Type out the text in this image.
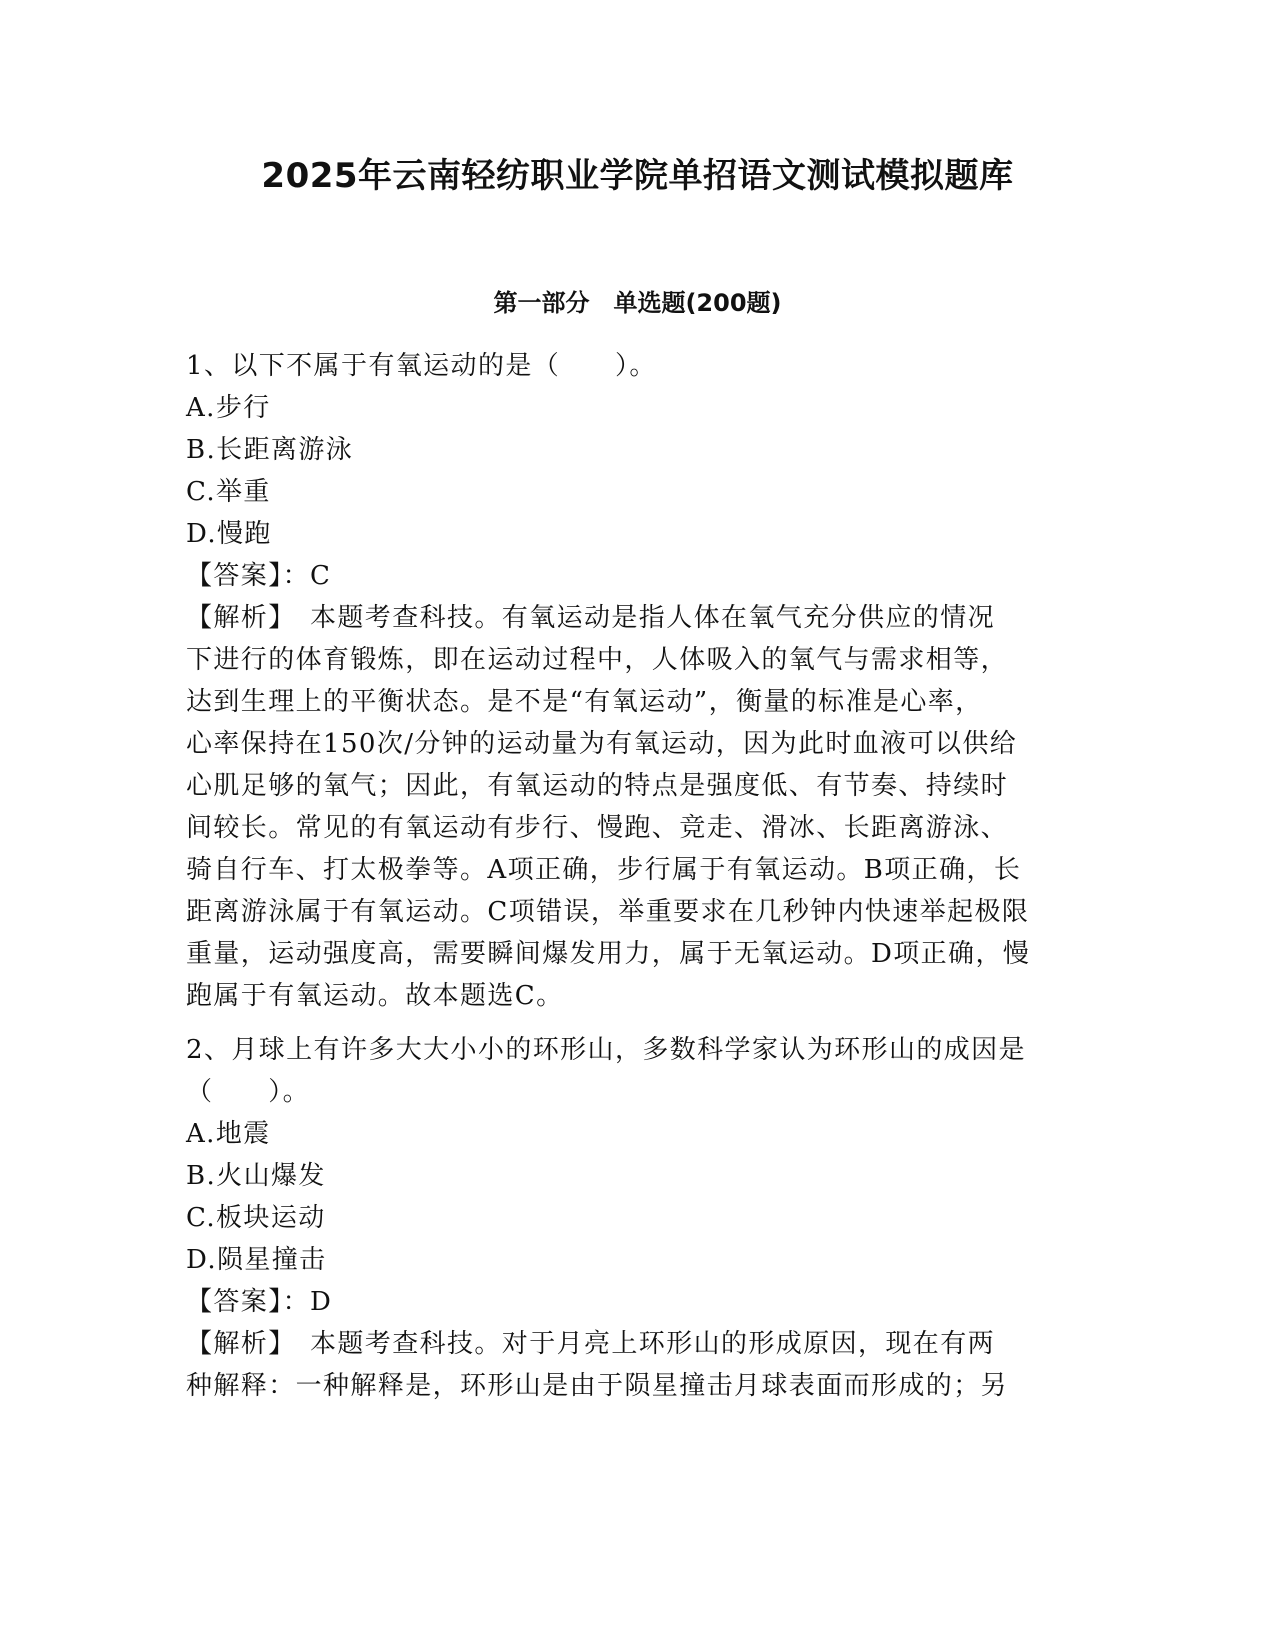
2025年云南轻纺职业学院单招语文测试模拟题库
第一部分　单选题(200题)
1、以下不属于有氧运动的是（　　）。
A.步行
B.长距离游泳
C.举重
D.慢跑
【答案】：C
【解析】　本题考查科技。有氧运动是指人体在氧气充分供应的情况
下进行的体育锻炼，即在运动过程中，人体吸入的氧气与需求相等，
达到生理上的平衡状态。是不是“有氧运动”，衡量的标准是心率，
心率保持在150次/分钟的运动量为有氧运动，因为此时血液可以供给
心肌足够的氧气；因此，有氧运动的特点是强度低、有节奏、持续时
间较长。常见的有氧运动有步行、慢跑、竞走、滑冰、长距离游泳、
骑自行车、打太极拳等。A项正确，步行属于有氧运动。B项正确，长
距离游泳属于有氧运动。C项错误，举重要求在几秒钟内快速举起极限
重量，运动强度高，需要瞬间爆发用力，属于无氧运动。D项正确，慢
跑属于有氧运动。故本题选C。
2、月球上有许多大大小小的环形山，多数科学家认为环形山的成因是
（　　）。
A.地震
B.火山爆发
C.板块运动
D.陨星撞击
【答案】：D
【解析】　本题考查科技。对于月亮上环形山的形成原因，现在有两
种解释：一种解释是，环形山是由于陨星撞击月球表面而形成的；另
